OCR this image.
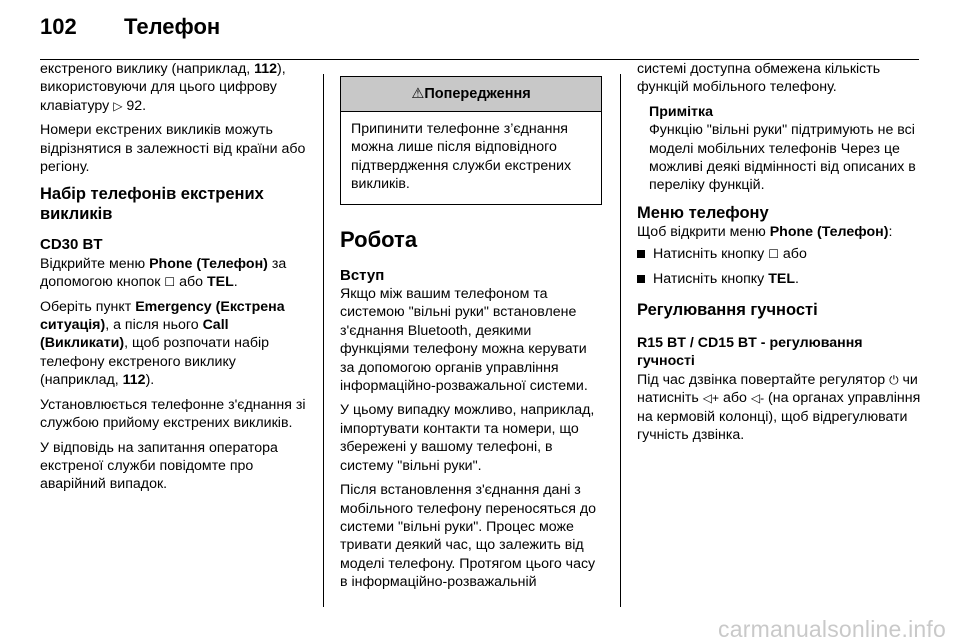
102 Телефон

екстреного виклику (наприклад, 112), використовуючи для цього цифрову клавіатуру ▷ 92.

Номери екстрених викликів можуть відрізнятися в залежності від країни або регіону.

Набір телефонів екстрених викликів
CD30 BT

Відкрийте меню Phone (Телефон) за допомогою кнопок ☐ або TEL.

Оберіть пункт Emergency (Екстрена ситуація), а після нього Call (Викликати), щоб розпочати набір телефону екстреного виклику (наприклад, 112).

Установлюється телефонне з'єднання зі службою прийому екстрених викликів.

У відповідь на запитання оператора екстреної служби повідомте про аварійний випадок.

⚠Попередження
Припинити телефонне з’єднання можна лише після відповідного підтвердження служби екстрених викликів.
Робота
Вступ

Якщо між вашим телефоном та системою "вільні руки" встановлене з'єднання Bluetooth, деякими функціями телефону можна керувати за допомогою органів управління інформаційно-розважальної системи.

У цьому випадку можливо, наприклад, імпортувати контакти та номери, що збережені у вашому телефоні, в систему "вільні руки".

Після встановлення з'єднання дані з мобільного телефону переносяться до системи "вільні руки". Процес може тривати деякий час, що залежить від моделі телефону. Протягом цього часу в інформаційно-розважальній

системі доступна обмежена кількість функцій мобільного телефону.

Примітка
Функцію "вільні руки" підтримують не всі моделі мобільних телефонів Через це можливі деякі відмінності від описаних в переліку функцій.
Меню телефону

Щоб відкрити меню Phone (Телефон):

Натисніть кнопку ☐ або
Натисніть кнопку TEL.
Регулювання гучності
R15 BT / CD15 BT - регулювання гучності

Під час дзвінка повертайте регулятор ⏻ чи натисніть ◁+ або ◁- (на органах управління на кермовій колонці), щоб відрегулювати гучність дзвінка.

carmanualsonline.info
